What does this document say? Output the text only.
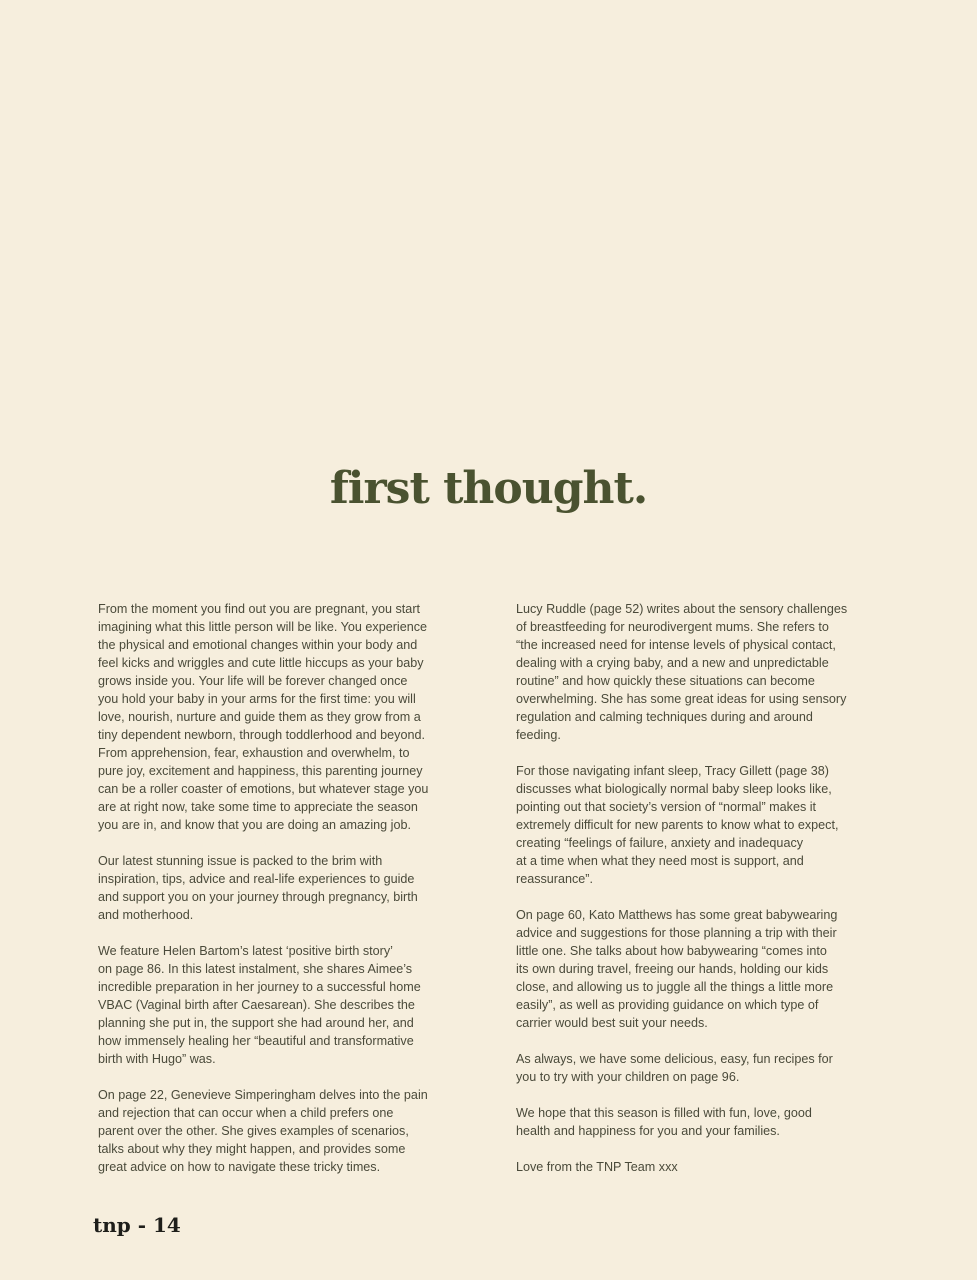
first thought.

From the moment you find out you are pregnant, you start
imagining what this little person will be like. You experience
the physical and emotional changes within your body and
feel kicks and wriggles and cute little hiccups as your baby
grows inside you. Your life will be forever changed once
you hold your baby in your arms for the first time: you will
love, nourish, nurture and guide them as they grow from a
tiny dependent newborn, through toddlerhood and beyond.
From apprehension, fear, exhaustion and overwhelm, to
pure joy, excitement and happiness, this parenting journey
can be a roller coaster of emotions, but whatever stage you
are at right now, take some time to appreciate the season
you are in, and know that you are doing an amazing job.

Our latest stunning issue is packed to the brim with
inspiration, tips, advice and real-life experiences to guide
and support you on your journey through pregnancy, birth
and motherhood.

We feature Helen Bartom’s latest ‘positive birth story’
on page 86. In this latest instalment, she shares Aimee’s
incredible preparation in her journey to a successful home
VBAC (Vaginal birth after Caesarean). She describes the
planning she put in, the support she had around her, and
how immensely healing her “beautiful and transformative
birth with Hugo” was.

On page 22, Genevieve Simperingham delves into the pain
and rejection that can occur when a child prefers one
parent over the other. She gives examples of scenarios,
talks about why they might happen, and provides some
great advice on how to navigate these tricky times.

Lucy Ruddle (page 52) writes about the sensory challenges
of breastfeeding for neurodivergent mums. She refers to
“the increased need for intense levels of physical contact,
dealing with a crying baby, and a new and unpredictable
routine” and how quickly these situations can become
overwhelming. She has some great ideas for using sensory
regulation and calming techniques during and around
feeding.

For those navigating infant sleep, Tracy Gillett (page 38)
discusses what biologically normal baby sleep looks like,
pointing out that society’s version of “normal” makes it
extremely difficult for new parents to know what to expect,
creating “feelings of failure, anxiety and inadequacy
at a time when what they need most is support, and
reassurance”.

On page 60, Kato Matthews has some great babywearing
advice and suggestions for those planning a trip with their
little one. She talks about how babywearing “comes into
its own during travel, freeing our hands, holding our kids
close, and allowing us to juggle all the things a little more
easily”, as well as providing guidance on which type of
carrier would best suit your needs.

As always, we have some delicious, easy, fun recipes for
you to try with your children on page 96.

We hope that this season is filled with fun, love, good
health and happiness for you and your families.

Love from the TNP Team xxx

tnp - 14
